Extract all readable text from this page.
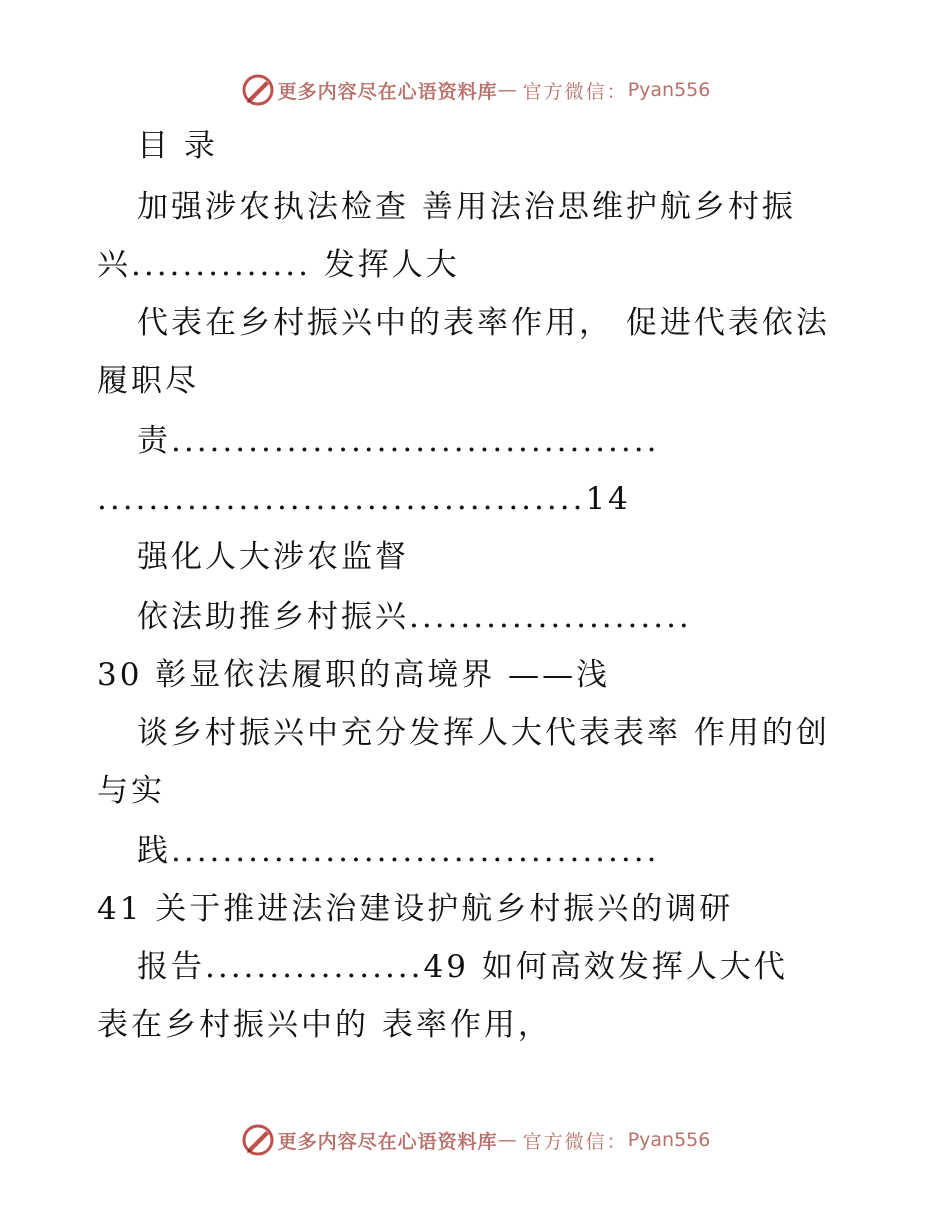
更多内容尽在心语资料库 — 官方微信： Pyan556
目 录
加强涉农执法检查 善用法治思维护航乡村振
兴.............. 发挥人大
代表在乡村振兴中的表率作用， 促进代表依法
履职尽
责......................................
......................................14
强化人大涉农监督
依法助推乡村振兴......................
30 彰显依法履职的高境界 ——浅
谈乡村振兴中充分发挥人大代表表率 作用的创
与实
践......................................
41 关于推进法治建设护航乡村振兴的调研
报告.................49 如何高效发挥人大代
表在乡村振兴中的 表率作用，
更多内容尽在心语资料库 — 官方微信： Pyan556
